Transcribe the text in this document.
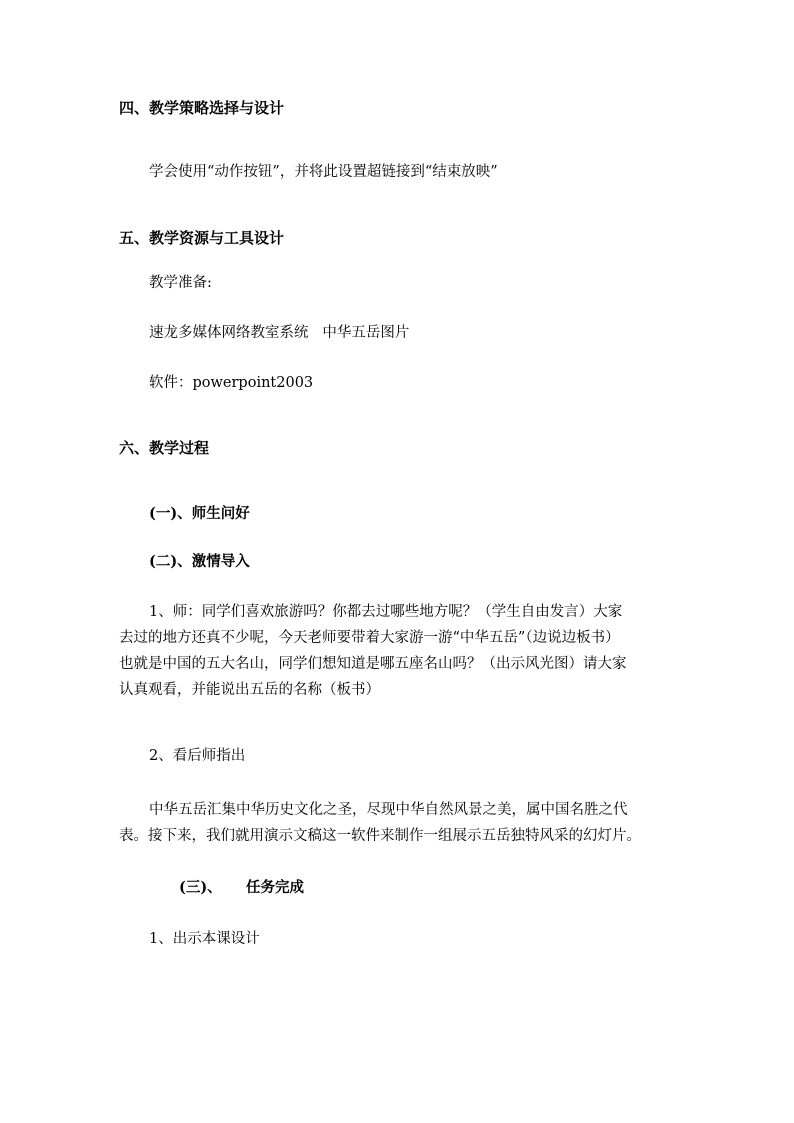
四、教学策略选择与设计
学会使用“动作按钮”，并将此设置超链接到“结束放映”
五、教学资源与工具设计
教学准备:
速龙多媒体网络教室系统   中华五岳图片
软件：powerpoint2003
六、教学过程
(一)、师生问好
(二)、激情导入
1、师：同学们喜欢旅游吗？你都去过哪些地方呢？（学生自由发言）大家
去过的地方还真不少呢，今天老师要带着大家游一游“中华五岳”（边说边板书）
也就是中国的五大名山，同学们想知道是哪五座名山吗？（出示风光图）请大家
认真观看，并能说出五岳的名称（板书）
2、看后师指出
中华五岳汇集中华历史文化之圣，尽现中华自然风景之美，属中国名胜之代
表。接下来，我们就用演示文稿这一软件来制作一组展示五岳独特风采的幻灯片。
(三)、 任务完成
1、出示本课设计
